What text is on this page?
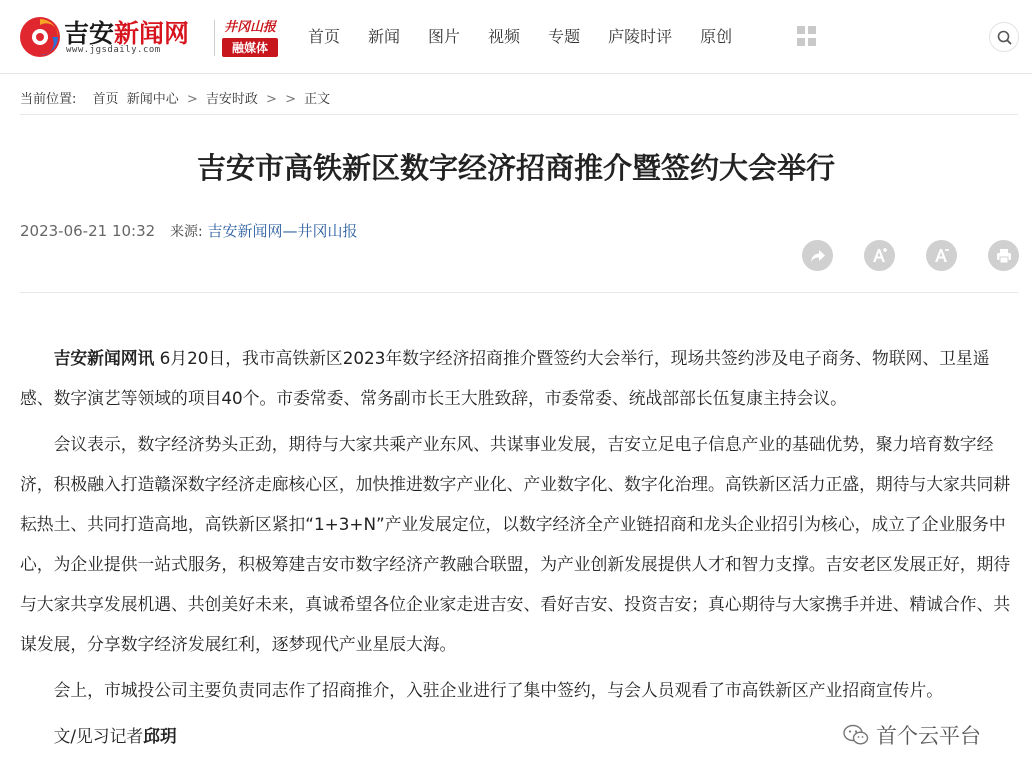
吉安新闻网
www.jgsdaily.com
井冈山报
融媒体
首页 新闻 图片 视频 专题 庐陵时评 原创
当前位置: 首页 新闻中心 > 吉安时政 > > 正文
吉安市高铁新区数字经济招商推介暨签约大会举行
2023-06-21 10:32 来源: 吉安新闻网—井冈山报

吉安新闻网讯 6月20日，我市高铁新区2023年数字经济招商推介暨签约大会举行，现场共签约涉及电子商务、物联网、卫星遥感、数字演艺等领域的项目40个。市委常委、常务副市长王大胜致辞，市委常委、统战部部长伍复康主持会议。

会议表示，数字经济势头正劲，期待与大家共乘产业东风、共谋事业发展，吉安立足电子信息产业的基础优势，聚力培育数字经济，积极融入打造赣深数字经济走廊核心区，加快推进数字产业化、产业数字化、数字化治理。高铁新区活力正盛，期待与大家共同耕耘热土、共同打造高地，高铁新区紧扣“1+3+N”产业发展定位，以数字经济全产业链招商和龙头企业招引为核心，成立了企业服务中心，为企业提供一站式服务，积极筹建吉安市数字经济产教融合联盟，为产业创新发展提供人才和智力支撑。吉安老区发展正好，期待与大家共享发展机遇、共创美好未来，真诚希望各位企业家走进吉安、看好吉安、投资吉安；真心期待与大家携手并进、精诚合作、共谋发展，分享数字经济发展红利，逐梦现代产业星辰大海。

会上，市城投公司主要负责同志作了招商推介，入驻企业进行了集中签约，与会人员观看了市高铁新区产业招商宣传片。

文/见习记者邱玥	首个云平台
